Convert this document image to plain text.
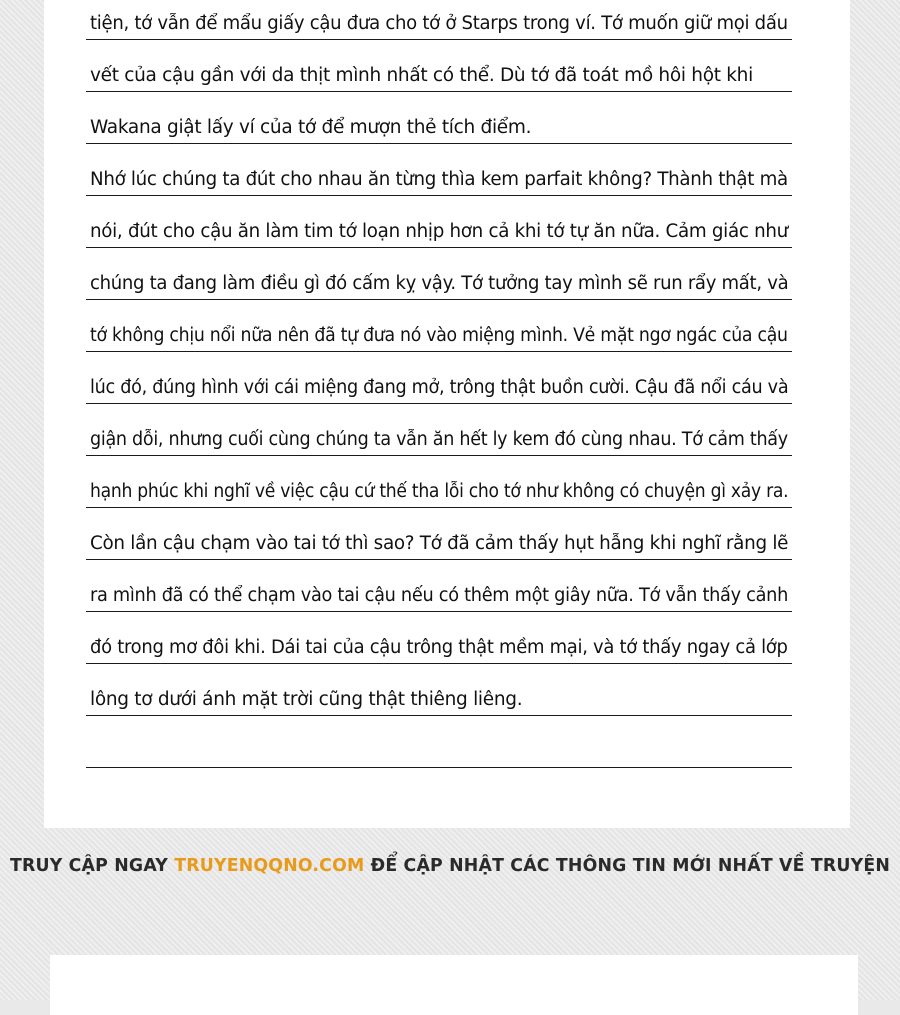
tiện, tớ vẫn để mẩu giấy cậu đưa cho tớ ở Starps trong ví. Tớ muốn giữ mọi dấu
vết của cậu gần với da thịt mình nhất có thể. Dù tớ đã toát mồ hôi hột khi
Wakana giật lấy ví của tớ để mượn thẻ tích điểm.
Nhớ lúc chúng ta đút cho nhau ăn từng thìa kem parfait không? Thành thật mà
nói, đút cho cậu ăn làm tim tớ loạn nhịp hơn cả khi tớ tự ăn nữa. Cảm giác như
chúng ta đang làm điều gì đó cấm kỵ vậy. Tớ tưởng tay mình sẽ run rẩy mất, và
tớ không chịu nổi nữa nên đã tự đưa nó vào miệng mình. Vẻ mặt ngơ ngác của cậu
lúc đó, đúng hình với cái miệng đang mở, trông thật buồn cười. Cậu đã nổi cáu và
giận dỗi, nhưng cuối cùng chúng ta vẫn ăn hết ly kem đó cùng nhau. Tớ cảm thấy
hạnh phúc khi nghĩ về việc cậu cứ thế tha lỗi cho tớ như không có chuyện gì xảy ra.
Còn lần cậu chạm vào tai tớ thì sao? Tớ đã cảm thấy hụt hẫng khi nghĩ rằng lẽ
ra mình đã có thể chạm vào tai cậu nếu có thêm một giây nữa. Tớ vẫn thấy cảnh
đó trong mơ đôi khi. Dái tai của cậu trông thật mềm mại, và tớ thấy ngay cả lớp
lông tơ dưới ánh mặt trời cũng thật thiêng liêng.
TRUY CẬP NGAY TRUYENQQNO.COM ĐỂ CẬP NHẬT CÁC THÔNG TIN MỚI NHẤT VỀ TRUYỆN
